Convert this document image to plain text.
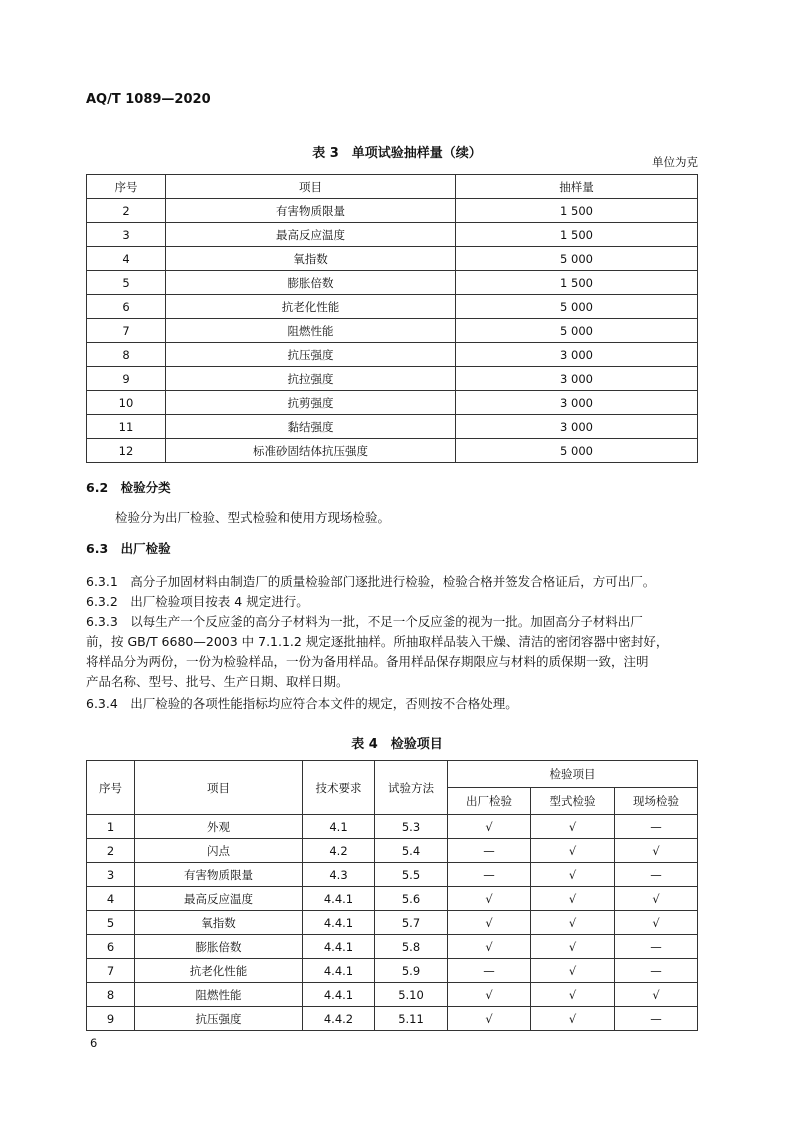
AQ/T 1089—2020
表 3　单项试验抽样量（续）
单位为克
序号	项目	抽样量
2	有害物质限量	1 500
3	最高反应温度	1 500
4	氧指数	5 000
5	膨胀倍数	1 500
6	抗老化性能	5 000
7	阻燃性能	5 000
8	抗压强度	3 000
9	抗拉强度	3 000
10	抗剪强度	3 000
11	黏结强度	3 000
12	标准砂固结体抗压强度	5 000
6.2　检验分类
检验分为出厂检验、型式检验和使用方现场检验。
6.3　出厂检验
6.3.1　高分子加固材料由制造厂的质量检验部门逐批进行检验，检验合格并签发合格证后，方可出厂。
6.3.2　出厂检验项目按表 4 规定进行。
6.3.3　以每生产一个反应釜的高分子材料为一批，不足一个反应釜的视为一批。加固高分子材料出厂
前，按 GB/T 6680—2003 中 7.1.1.2 规定逐批抽样。所抽取样品装入干燥、清洁的密闭容器中密封好，
将样品分为两份，一份为检验样品，一份为备用样品。备用样品保存期限应与材料的质保期一致，注明
产品名称、型号、批号、生产日期、取样日期。
6.3.4　出厂检验的各项性能指标均应符合本文件的规定，否则按不合格处理。
表 4　检验项目
序号	项目	技术要求	试验方法	检验项目		
				出厂检验	型式检验	现场检验
1	外观	4.1	5.3	√	√	—
2	闪点	4.2	5.4	—	√	√
3	有害物质限量	4.3	5.5	—	√	—
4	最高反应温度	4.4.1	5.6	√	√	√
5	氧指数	4.4.1	5.7	√	√	√
6	膨胀倍数	4.4.1	5.8	√	√	—
7	抗老化性能	4.4.1	5.9	—	√	—
8	阻燃性能	4.4.1	5.10	√	√	√
9	抗压强度	4.4.2	5.11	√	√	—
6
